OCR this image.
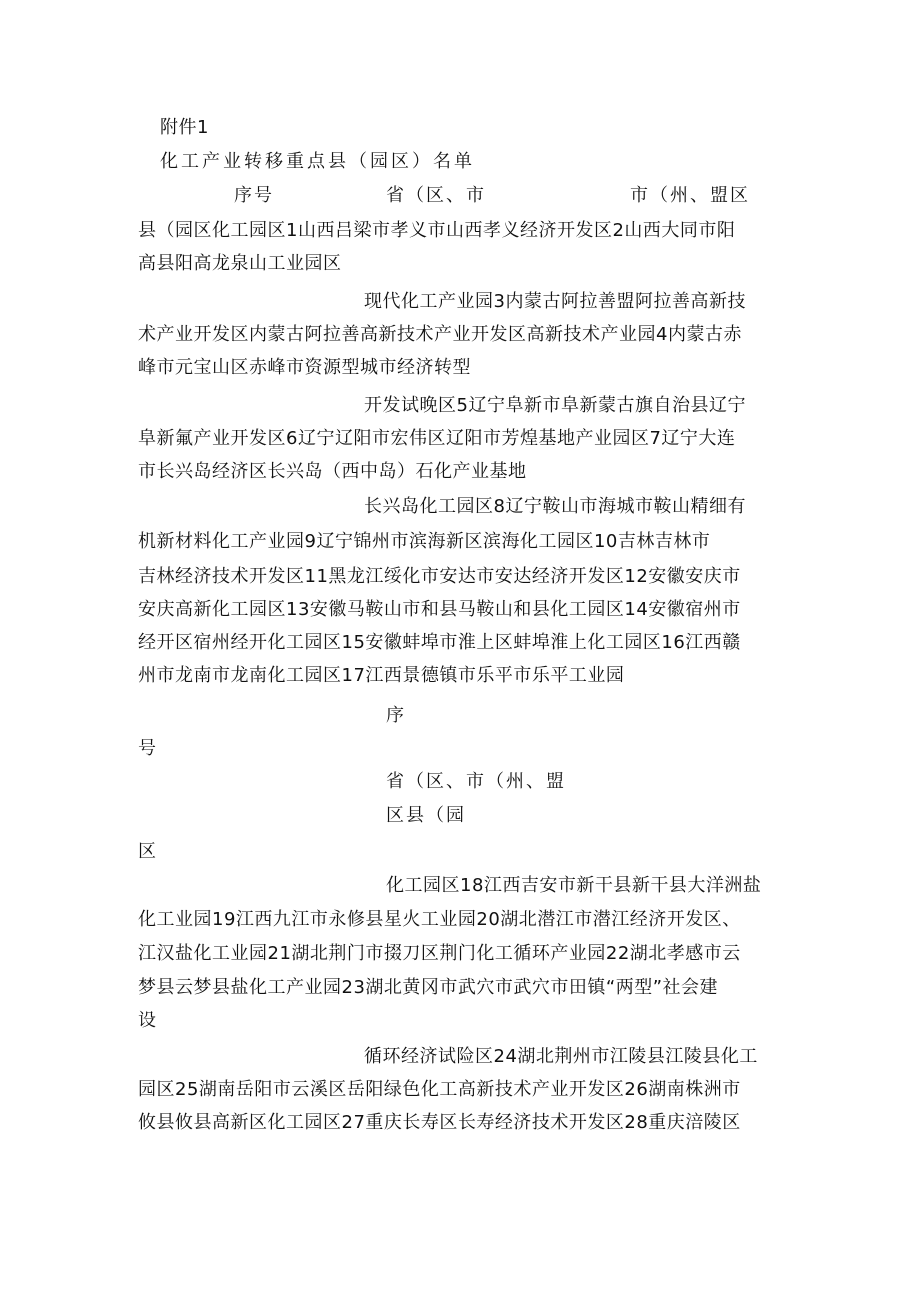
附件1
化工产业转移重点县（园区）名单
序号	省（区、市	市（州、盟区
县（园区化工园区1山西吕梁市孝义市山西孝义经济开发区2山西大同市阳
高县阳高龙泉山工业园区
现代化工产业园3内蒙古阿拉善盟阿拉善高新技
术产业开发区内蒙古阿拉善高新技术产业开发区高新技术产业园4内蒙古赤
峰市元宝山区赤峰市资源型城市经济转型
开发试晚区5辽宁阜新市阜新蒙古旗自治县辽宁
阜新氟产业开发区6辽宁辽阳市宏伟区辽阳市芳煌基地产业园区7辽宁大连
市长兴岛经济区长兴岛（西中岛）石化产业基地
长兴岛化工园区8辽宁鞍山市海城市鞍山精细有
机新材料化工产业园9辽宁锦州市滨海新区滨海化工园区10吉林吉林市
吉林经济技术开发区11黑龙江绥化市安达市安达经济开发区12安徽安庆市
安庆高新化工园区13安徽马鞍山市和县马鞍山和县化工园区14安徽宿州市
经开区宿州经开化工园区15安徽蚌埠市淮上区蚌埠淮上化工园区16江西赣
州市龙南市龙南化工园区17江西景德镇市乐平市乐平工业园
序
号
省（区、市（州、盟
区县（园
区
化工园区18江西吉安市新干县新干县大洋洲盐
化工业园19江西九江市永修县星火工业园20湖北潜江市潜江经济开发区、
江汉盐化工业园21湖北荆门市掇刀区荆门化工循环产业园22湖北孝感市云
梦县云梦县盐化工产业园23湖北黄冈市武穴市武穴市田镇“两型”社会建
设
循环经济试险区24湖北荆州市江陵县江陵县化工
园区25湖南岳阳市云溪区岳阳绿色化工高新技术产业开发区26湖南株洲市
攸县攸县高新区化工园区27重庆长寿区长寿经济技术开发区28重庆涪陵区
